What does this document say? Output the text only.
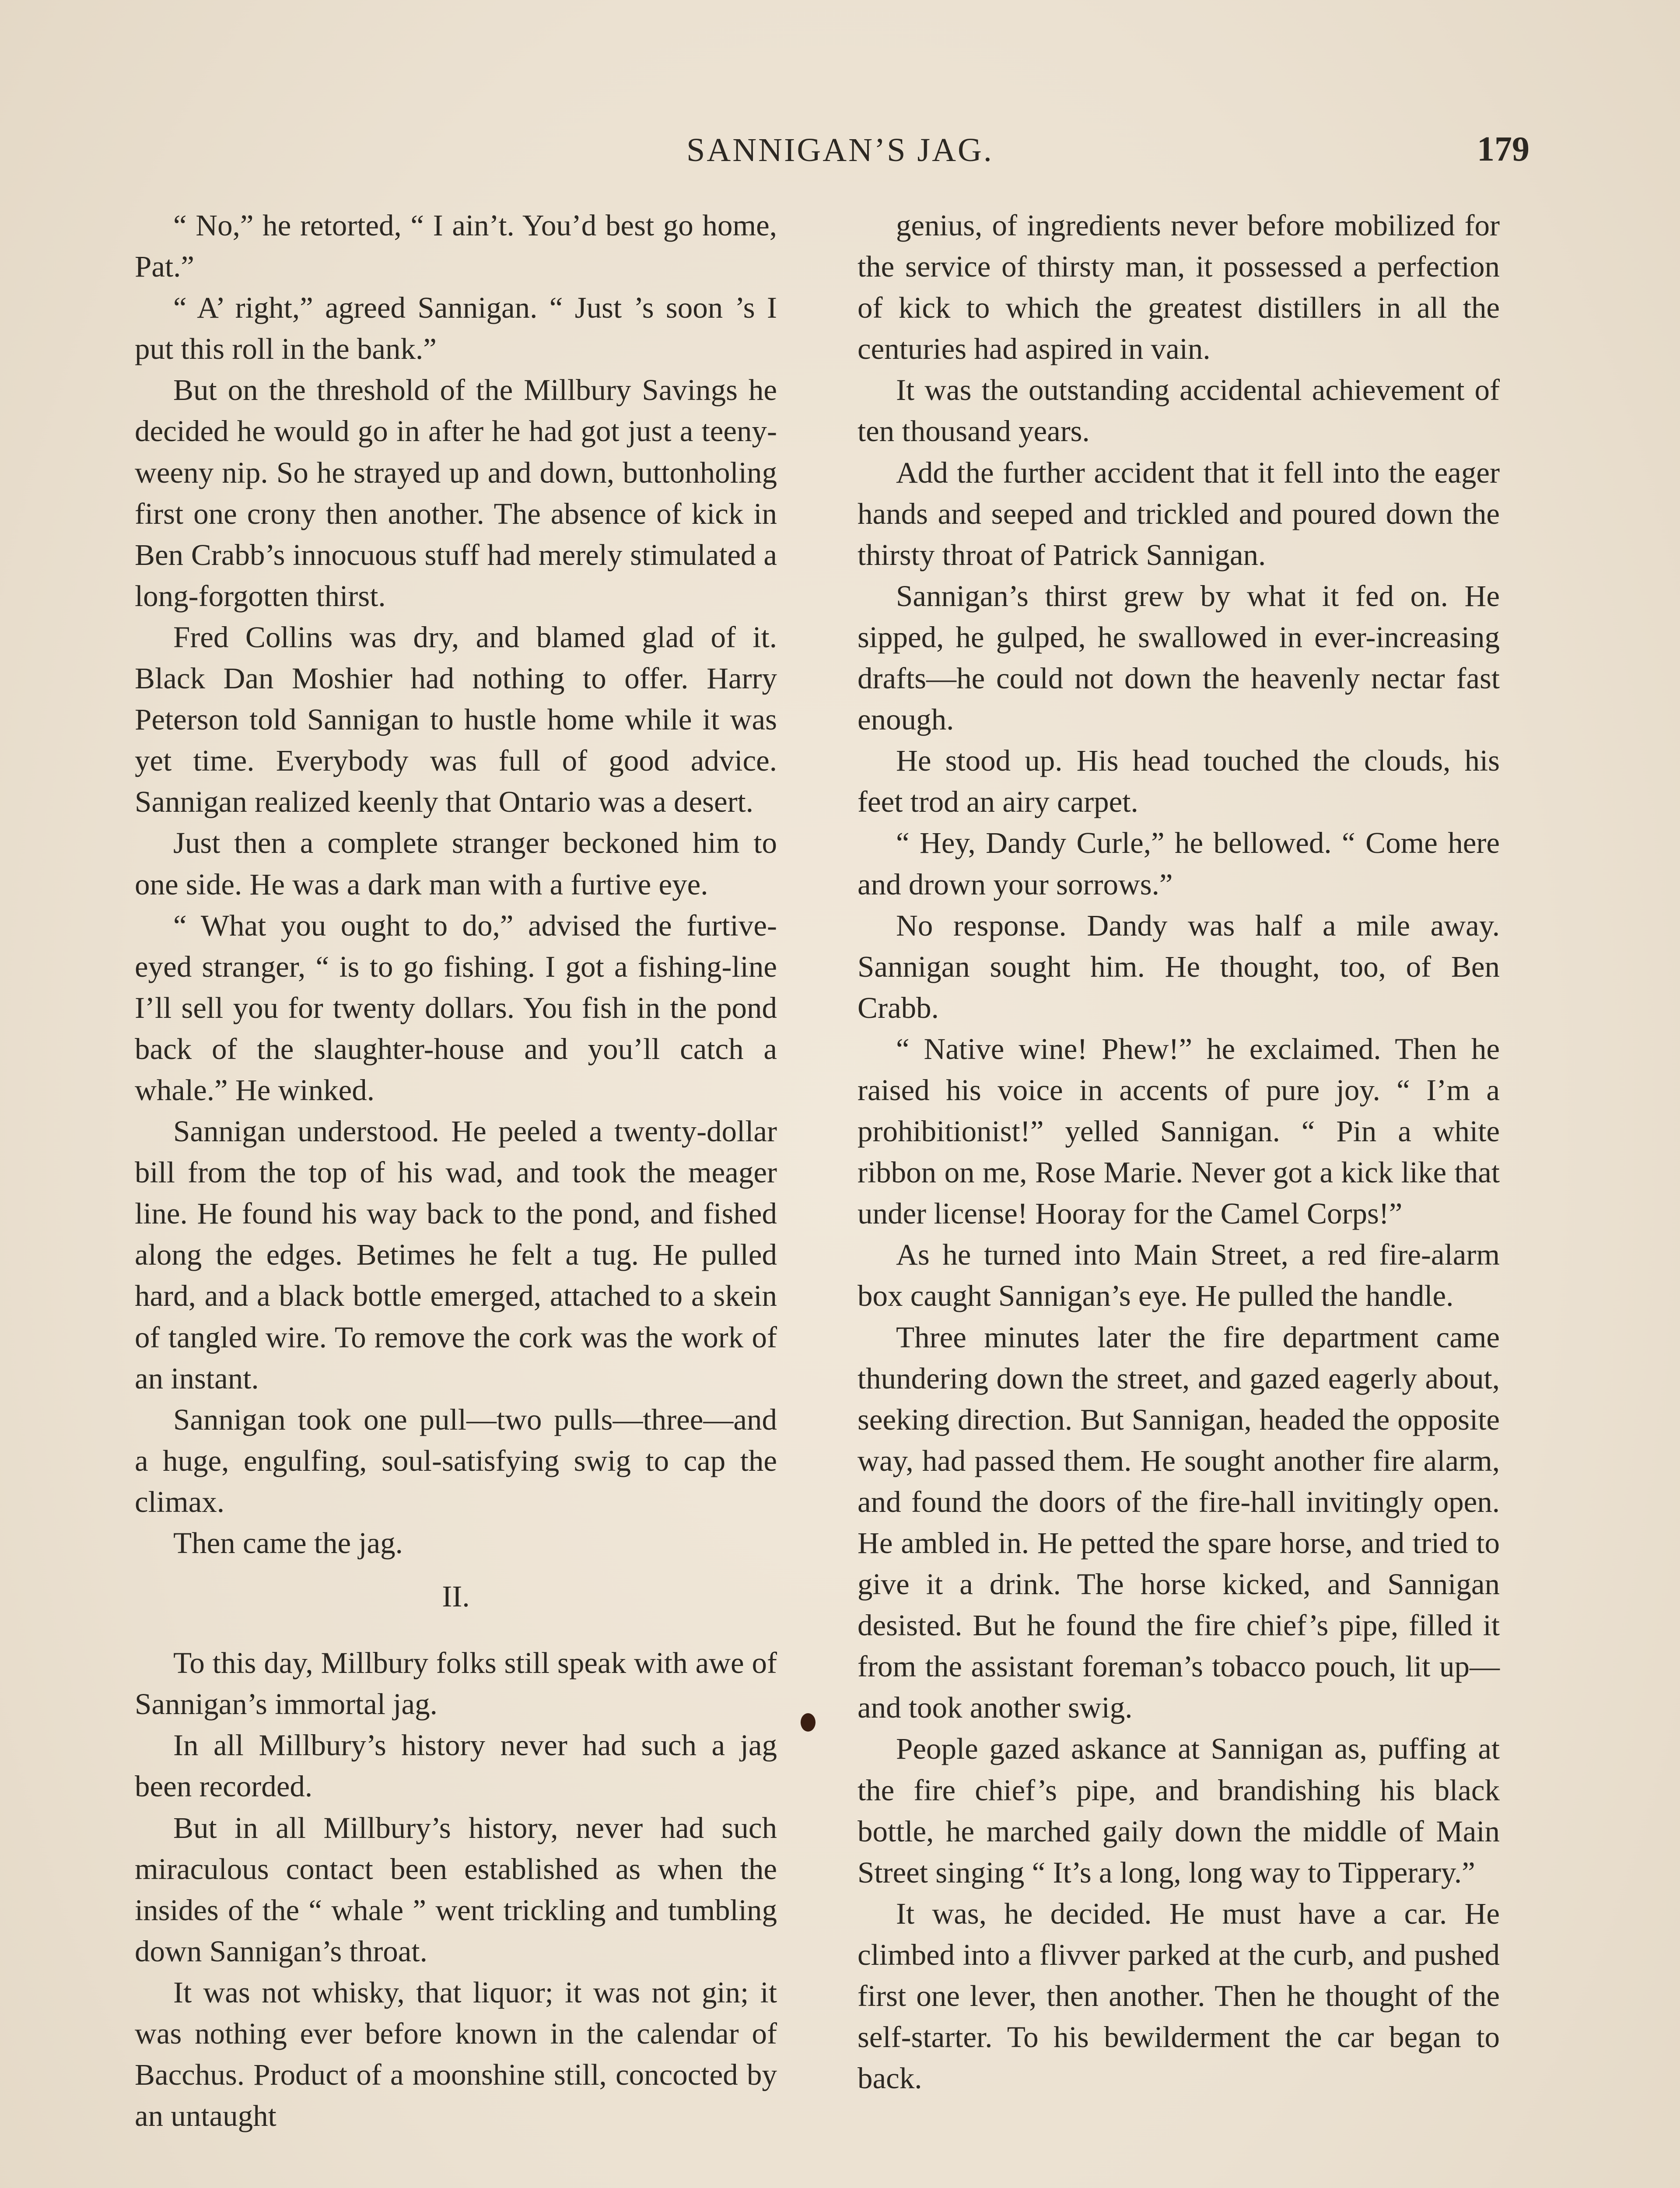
SANNIGAN’S JAG.	179

“ No,” he retorted, “ I ain’t. You’d best go home, Pat.”

“ A’ right,” agreed Sannigan. “ Just ’s soon ’s I put this roll in the bank.”

But on the threshold of the Millbury Savings he decided he would go in after he had got just a teeny-weeny nip. So he strayed up and down, buttonholing first one crony then another. The absence of kick in Ben Crabb’s innocuous stuff had merely stimulated a long-forgotten thirst.

Fred Collins was dry, and blamed glad of it. Black Dan Moshier had nothing to offer. Harry Peterson told Sannigan to hustle home while it was yet time. Everybody was full of good advice. Sannigan realized keenly that Ontario was a desert.

Just then a complete stranger beckoned him to one side. He was a dark man with a furtive eye.

“ What you ought to do,” advised the furtive-eyed stranger, “ is to go fishing. I got a fishing-line I’ll sell you for twenty dollars. You fish in the pond back of the slaughter-house and you’ll catch a whale.” He winked.

Sannigan understood. He peeled a twenty-dollar bill from the top of his wad, and took the meager line. He found his way back to the pond, and fished along the edges. Betimes he felt a tug. He pulled hard, and a black bottle emerged, attached to a skein of tangled wire. To remove the cork was the work of an instant.

Sannigan took one pull—two pulls—three—and a huge, engulfing, soul-satisfying swig to cap the climax.

Then came the jag.

II.

To this day, Millbury folks still speak with awe of Sannigan’s immortal jag.

In all Millbury’s history never had such a jag been recorded.

But in all Millbury’s history, never had such miraculous contact been established as when the insides of the “ whale ” went trickling and tumbling down Sannigan’s throat.

It was not whisky, that liquor; it was not gin; it was nothing ever before known in the calendar of Bacchus. Product of a moonshine still, concocted by an untaught

genius, of ingredients never before mobilized for the service of thirsty man, it possessed a perfection of kick to which the greatest distillers in all the centuries had aspired in vain.

It was the outstanding accidental achievement of ten thousand years.

Add the further accident that it fell into the eager hands and seeped and trickled and poured down the thirsty throat of Patrick Sannigan.

Sannigan’s thirst grew by what it fed on. He sipped, he gulped, he swallowed in ever-increasing drafts—he could not down the heavenly nectar fast enough.

He stood up. His head touched the clouds, his feet trod an airy carpet.

“ Hey, Dandy Curle,” he bellowed. “ Come here and drown your sorrows.”

No response. Dandy was half a mile away. Sannigan sought him. He thought, too, of Ben Crabb.

“ Native wine! Phew!” he exclaimed. Then he raised his voice in accents of pure joy. “ I’m a prohibitionist!” yelled Sannigan. “ Pin a white ribbon on me, Rose Marie. Never got a kick like that under license! Hooray for the Camel Corps!”

As he turned into Main Street, a red fire-alarm box caught Sannigan’s eye. He pulled the handle.

Three minutes later the fire department came thundering down the street, and gazed eagerly about, seeking direction. But Sannigan, headed the opposite way, had passed them. He sought another fire alarm, and found the doors of the fire-hall invitingly open. He ambled in. He petted the spare horse, and tried to give it a drink. The horse kicked, and Sannigan desisted. But he found the fire chief’s pipe, filled it from the assistant foreman’s tobacco pouch, lit up—and took another swig.

People gazed askance at Sannigan as, puffing at the fire chief’s pipe, and brandishing his black bottle, he marched gaily down the middle of Main Street singing “ It’s a long, long way to Tipperary.”

It was, he decided. He must have a car. He climbed into a flivver parked at the curb, and pushed first one lever, then another. Then he thought of the self-starter. To his bewilderment the car began to back.
